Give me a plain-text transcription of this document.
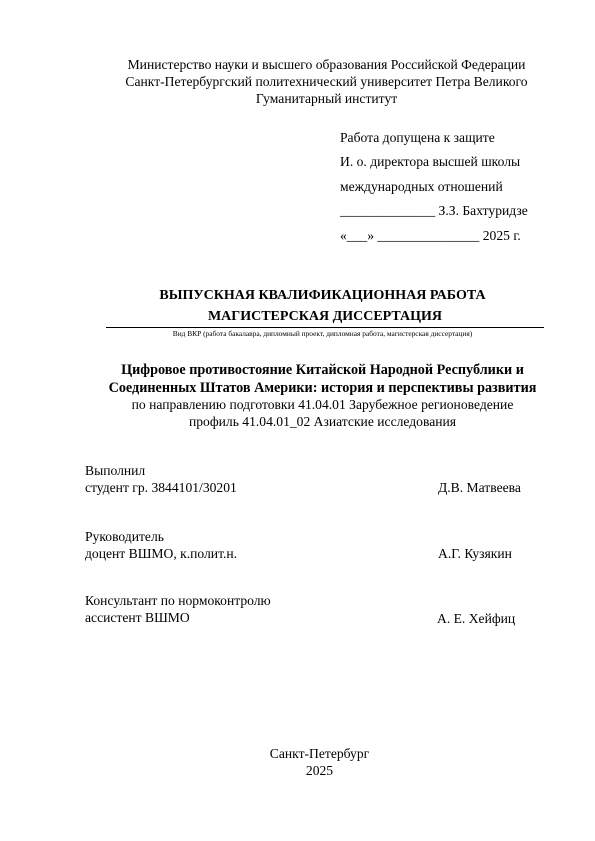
Министерство науки и высшего образования Российской Федерации
Санкт-Петербургский политехнический университет Петра Великого
Гуманитарный институт
Работа допущена к защите
И. о. директора высшей школы
международных отношений
______________ З.З. Бахтуридзе
«___» _______________ 2025 г.
ВЫПУСКНАЯ КВАЛИФИКАЦИОННАЯ РАБОТА
МАГИСТЕРСКАЯ ДИССЕРТАЦИЯ
Вид ВКР (работа бакалавра, дипломный проект, дипломная работа, магистерская диссертация)
Цифровое противостояние Китайской Народной Республики и
Соединенных Штатов Америки: история и перспективы развития
по направлению подготовки 41.04.01 Зарубежное регионоведение
профиль 41.04.01_02 Азиатские исследования
Выполнил
студент гр. 3844101/30201	Д.В. Матвеева
Руководитель
доцент ВШМО, к.полит.н.	А.Г. Кузякин
Консультант по нормоконтролю
ассистент ВШМО	А. Е. Хейфиц
Санкт-Петербург
2025
